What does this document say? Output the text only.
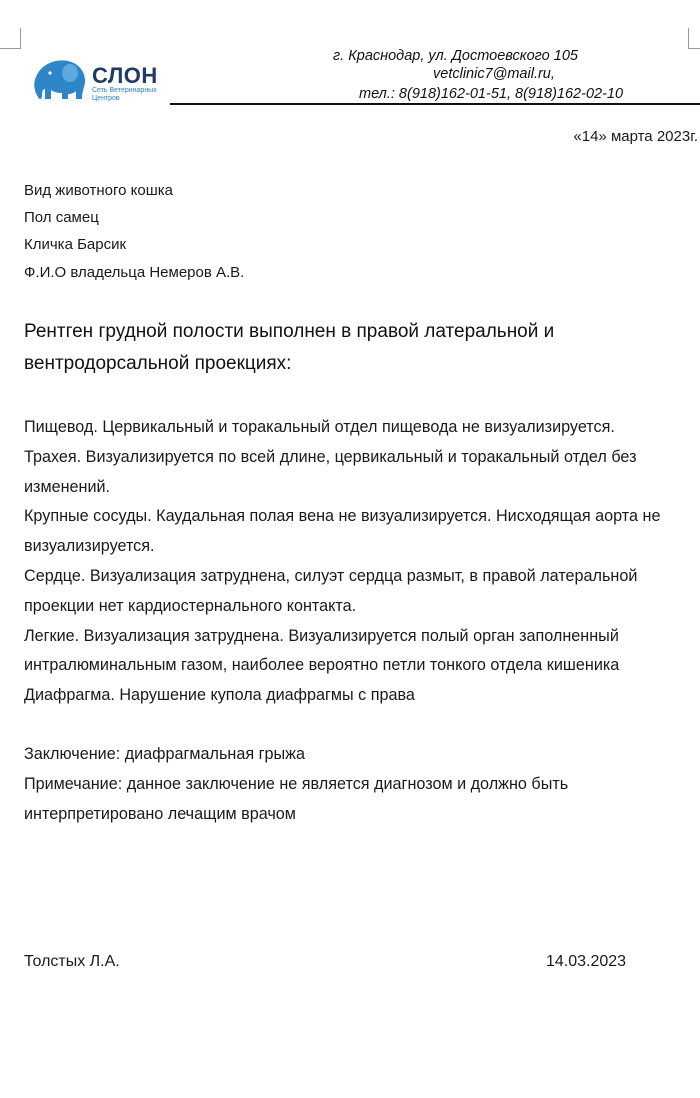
СЛОН
Сеть Ветеринарных Центров
г. Краснодар, ул. Достоевского 105
vetclinic7@mail.ru,
тел.: 8(918)162-01-51, 8(918)162-02-10
«14» марта 2023г.
Вид животного кошка
Пол самец
Кличка Барсик
Ф.И.О владельца Немеров А.В.
Рентген грудной полости выполнен в правой латеральной и вентродорсальной проекциях:

Пищевод. Цервикальный и торакальный отдел пищевода не визуализируется.

Трахея. Визуализируется по всей длине, цервикальный и торакальный отдел без изменений.

Крупные сосуды. Каудальная полая вена не визуализируется. Нисходящая аорта не визуализируется.

Сердце. Визуализация затруднена, силуэт сердца размыт, в правой латеральной проекции нет кардиостернального контакта.

Легкие. Визуализация затруднена. Визуализируется полый орган заполненный интралюминальным газом, наиболее вероятно петли тонкого отдела кишеника

Диафрагма. Нарушение купола диафрагмы с права

Заключение: диафрагмальная грыжа

Примечание: данное заключение не является диагнозом и должно быть интерпретировано лечащим врачом

Толстых Л.А.	14.03.2023
